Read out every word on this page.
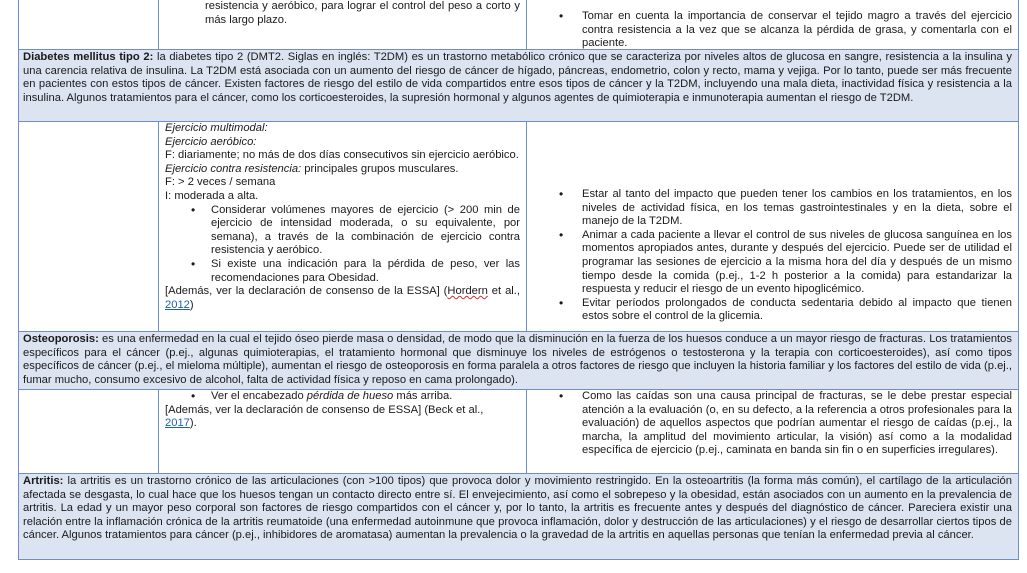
resistencia y aeróbico, para lograr el control del peso a corto y más largo plazo.

•	Tomar en cuenta la importancia de conservar el tejido magro a través del ejercicio contra resistencia a la vez que se alcanza la pérdida de grasa, y comentarla con el paciente.
Diabetes mellitus tipo 2: la diabetes tipo 2 (DMT2. Siglas en inglés: T2DM) es un trastorno metabólico crónico que se caracteriza por niveles altos de glucosa en sangre, resistencia a la insulina y una carencia relativa de insulina. La T2DM está asociada con un aumento del riesgo de cáncer de hígado, páncreas, endometrio, colon y recto, mama y vejiga. Por lo tanto, puede ser más frecuente en pacientes con estos tipos de cáncer. Existen factores de riesgo del estilo de vida compartidos entre esos tipos de cáncer y la T2DM, incluyendo una mala dieta, inactividad física y resistencia a la insulina. Algunos tratamientos para el cáncer, como los corticoesteroides, la supresión hormonal y algunos agentes de quimioterapia e inmunoterapia aumentan el riesgo de T2DM.

Ejercicio multimodal:

Ejercicio aeróbico:

F: diariamente; no más de dos días consecutivos sin ejercicio aeróbico.

Ejercicio contra resistencia: principales grupos musculares.

F: > 2 veces / semana

I: moderada a alta.

• Considerar volúmenes mayores de ejercicio (> 200 min de ejercicio de intensidad moderada, o su equivalente, por semana), a través de la combinación de ejercicio contra resistencia y aeróbico.
• Si existe una indicación para la pérdida de peso, ver las recomendaciones para Obesidad.

[Además, ver la declaración de consenso de la ESSA] (Hordern et al., 2012)

• Estar al tanto del impacto que pueden tener los cambios en los tratamientos, en los niveles de actividad física, en los temas gastrointestinales y en la dieta, sobre el manejo de la T2DM.
• Animar a cada paciente a llevar el control de sus niveles de glucosa sanguínea en los momentos apropiados antes, durante y después del ejercicio. Puede ser de utilidad el programar las sesiones de ejercicio a la misma hora del día y después de un mismo tiempo desde la comida (p.ej., 1-2 h posterior a la comida) para estandarizar la respuesta y reducir el riesgo de un evento hipoglicémico.
• Evitar períodos prolongados de conducta sedentaria debido al impacto que tienen estos sobre el control de la glicemia.
Osteoporosis: es una enfermedad en la cual el tejido óseo pierde masa o densidad, de modo que la disminución en la fuerza de los huesos conduce a un mayor riesgo de fracturas. Los tratamientos específicos para el cáncer (p.ej., algunas quimioterapias, el tratamiento hormonal que disminuye los niveles de estrógenos o testosterona y la terapia con corticoesteroides), así como tipos específicos de cáncer (p.ej., el mieloma múltiple), aumentan el riesgo de osteoporosis en forma paralela a otros factores de riesgo que incluyen la historia familiar y los factores del estilo de vida (p.ej., fumar mucho, consumo excesivo de alcohol, falta de actividad física y reposo en cama prolongado).
• Ver el encabezado pérdida de hueso más arriba.

[Además, ver la declaración de consenso de ESSA] (Beck et al.,
2017).

• Como las caídas son una causa principal de fracturas, se le debe prestar especial atención a la evaluación (o, en su defecto, a la referencia a otros profesionales para la evaluación) de aquellos aspectos que podrían aumentar el riesgo de caídas (p.ej., la marcha, la amplitud del movimiento articular, la visión) así como a la modalidad específica de ejercicio (p.ej., caminata en banda sin fin o en superficies irregulares).
Artritis: la artritis es un trastorno crónico de las articulaciones (con >100 tipos) que provoca dolor y movimiento restringido. En la osteoartritis (la forma más común), el cartílago de la articulación afectada se desgasta, lo cual hace que los huesos tengan un contacto directo entre sí. El envejecimiento, así como el sobrepeso y la obesidad, están asociados con un aumento en la prevalencia de artritis. La edad y un mayor peso corporal son factores de riesgo compartidos con el cáncer y, por lo tanto, la artritis es frecuente antes y después del diagnóstico de cáncer. Pareciera existir una relación entre la inflamación crónica de la artritis reumatoide (una enfermedad autoinmune que provoca inflamación, dolor y destrucción de las articulaciones) y el riesgo de desarrollar ciertos tipos de cáncer. Algunos tratamientos para cáncer (p.ej., inhibidores de aromatasa) aumentan la prevalencia o la gravedad de la artritis en aquellas personas que tenían la enfermedad previa al cáncer.
